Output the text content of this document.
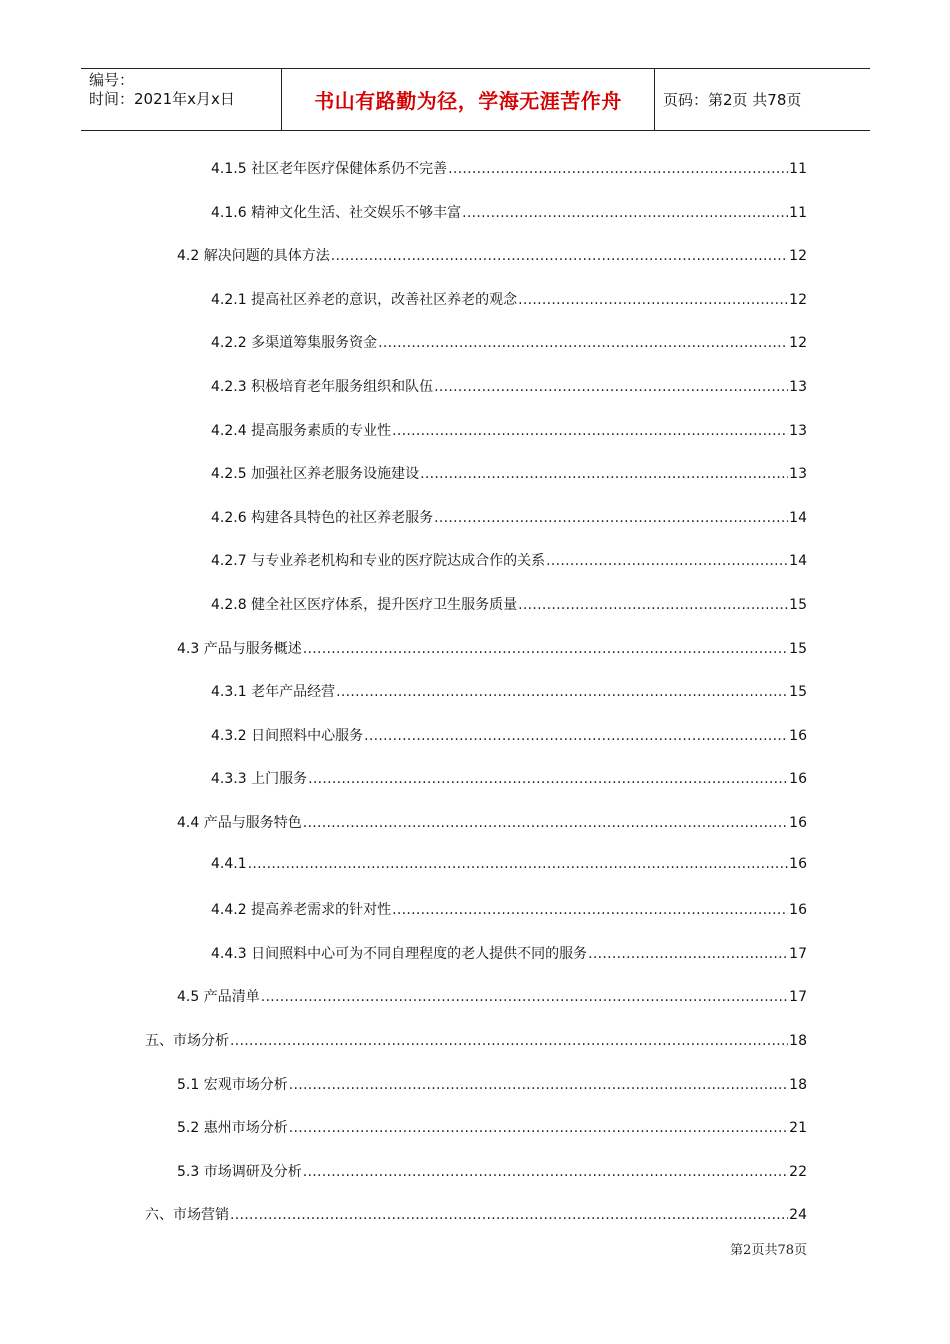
编号：
时间：2021年x月x日	书山有路勤为径，学海无涯苦作舟	页码：第2页 共78页
4.1.5 社区老年医疗保健体系仍不完善 .....	11
4.1.6 精神文化生活、社交娱乐不够丰富 .....	11
4.2 解决问题的具体方法 .....	12
4.2.1 提高社区养老的意识，改善社区养老的观念 .....	12
4.2.2 多渠道筹集服务资金 .....	12
4.2.3 积极培育老年服务组织和队伍 .....	13
4.2.4 提高服务素质的专业性 .....	13
4.2.5 加强社区养老服务设施建设 .....	13
4.2.6 构建各具特色的社区养老服务 .....	14
4.2.7 与专业养老机构和专业的医疗院达成合作的关系 .....	14
4.2.8 健全社区医疗体系，提升医疗卫生服务质量 .....	15
4.3 产品与服务概述 .....	15
4.3.1 老年产品经营 .....	15
4.3.2 日间照料中心服务 .....	16
4.3.3 上门服务 .....	16
4.4 产品与服务特色 .....	16
4.4.1 .....	16
4.4.2 提高养老需求的针对性 .....	16
4.4.3 日间照料中心可为不同自理程度的老人提供不同的服务 .....	17
4.5 产品清单 .....	17
五、市场分析 .....	18
5.1 宏观市场分析 .....	18
5.2 惠州市场分析 .....	21
5.3 市场调研及分析 .....	22
六、市场营销 .....	24
第2页共78页
